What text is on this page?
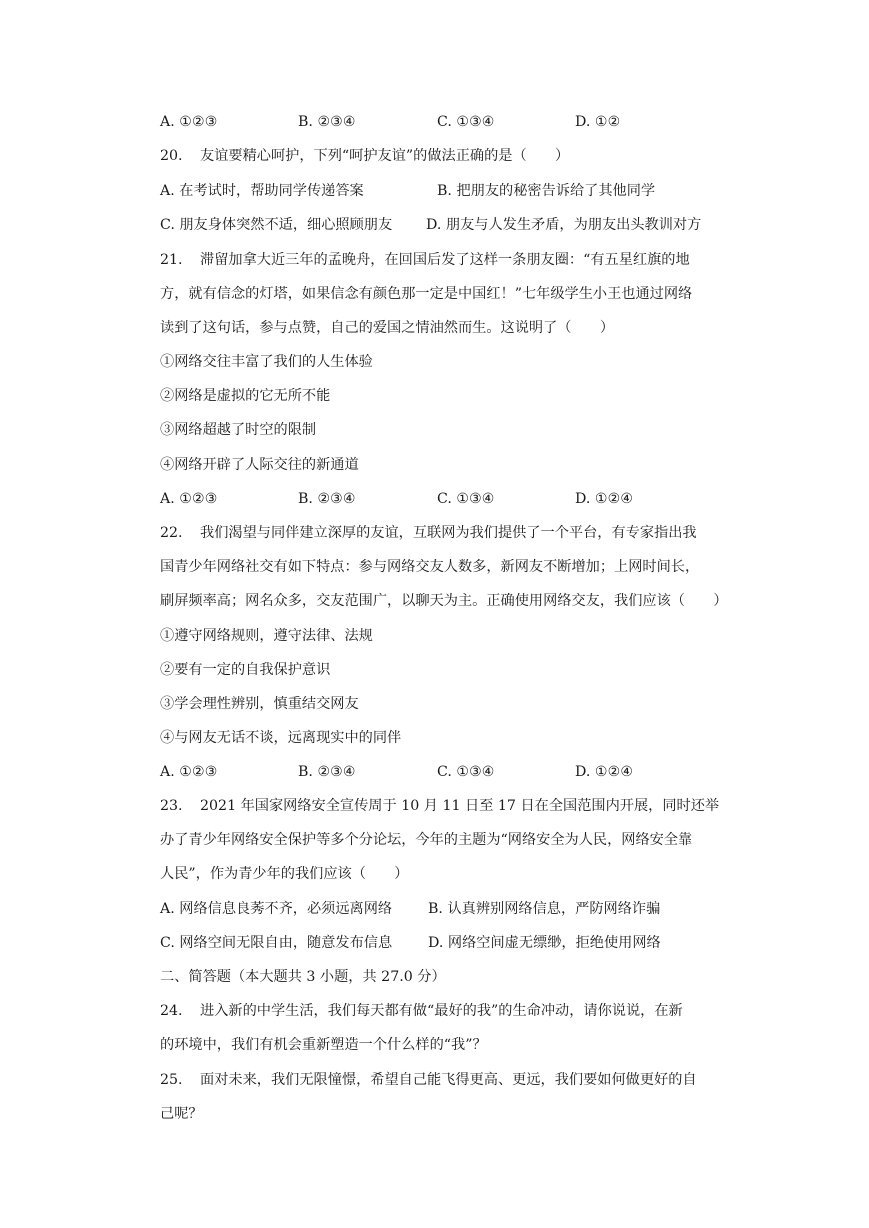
A. ①②③	B. ②③④	C. ①③④	D. ①②
20. 友谊要精心呵护，下列“呵护友谊”的做法正确的是（　　）
A. 在考试时，帮助同学传递答案	B. 把朋友的秘密告诉给了其他同学
C. 朋友身体突然不适，细心照顾朋友 D. 朋友与人发生矛盾，为朋友出头教训对方
21. 滞留加拿大近三年的孟晚舟，在回国后发了这样一条朋友圈：“有五星红旗的地
方，就有信念的灯塔，如果信念有颜色那一定是中国红！”七年级学生小王也通过网络
读到了这句话，参与点赞，自己的爱国之情油然而生。这说明了（　　）
①网络交往丰富了我们的人生体验
②网络是虚拟的它无所不能
③网络超越了时空的限制
④网络开辟了人际交往的新通道
A. ①②③	B. ②③④	C. ①③④	D. ①②④
22. 我们渴望与同伴建立深厚的友谊，互联网为我们提供了一个平台，有专家指出我
国青少年网络社交有如下特点：参与网络交友人数多，新网友不断增加；上网时间长，
刷屏频率高；网名众多，交友范围广，以聊天为主。正确使用网络交友，我们应该（　　）
①遵守网络规则，遵守法律、法规
②要有一定的自我保护意识
③学会理性辨别，慎重结交网友
④与网友无话不谈，远离现实中的同伴
A. ①②③	B. ②③④	C. ①③④	D. ①②④
23. 2021 年国家网络安全宣传周于 10 月 11 日至 17 日在全国范围内开展，同时还举
办了青少年网络安全保护等多个分论坛，今年的主题为“网络安全为人民，网络安全靠
人民”，作为青少年的我们应该（　　）
A. 网络信息良莠不齐，必须远离网络	B. 认真辨别网络信息，严防网络诈骗
C. 网络空间无限自由，随意发布信息	D. 网络空间虚无缥缈，拒绝使用网络
二、简答题（本大题共 3 小题，共 27.0 分）
24. 进入新的中学生活，我们每天都有做“最好的我”的生命冲动，请你说说，在新
的环境中，我们有机会重新塑造一个什么样的“我”？
25. 面对未来，我们无限憧憬，希望自己能飞得更高、更远，我们要如何做更好的自
己呢？
